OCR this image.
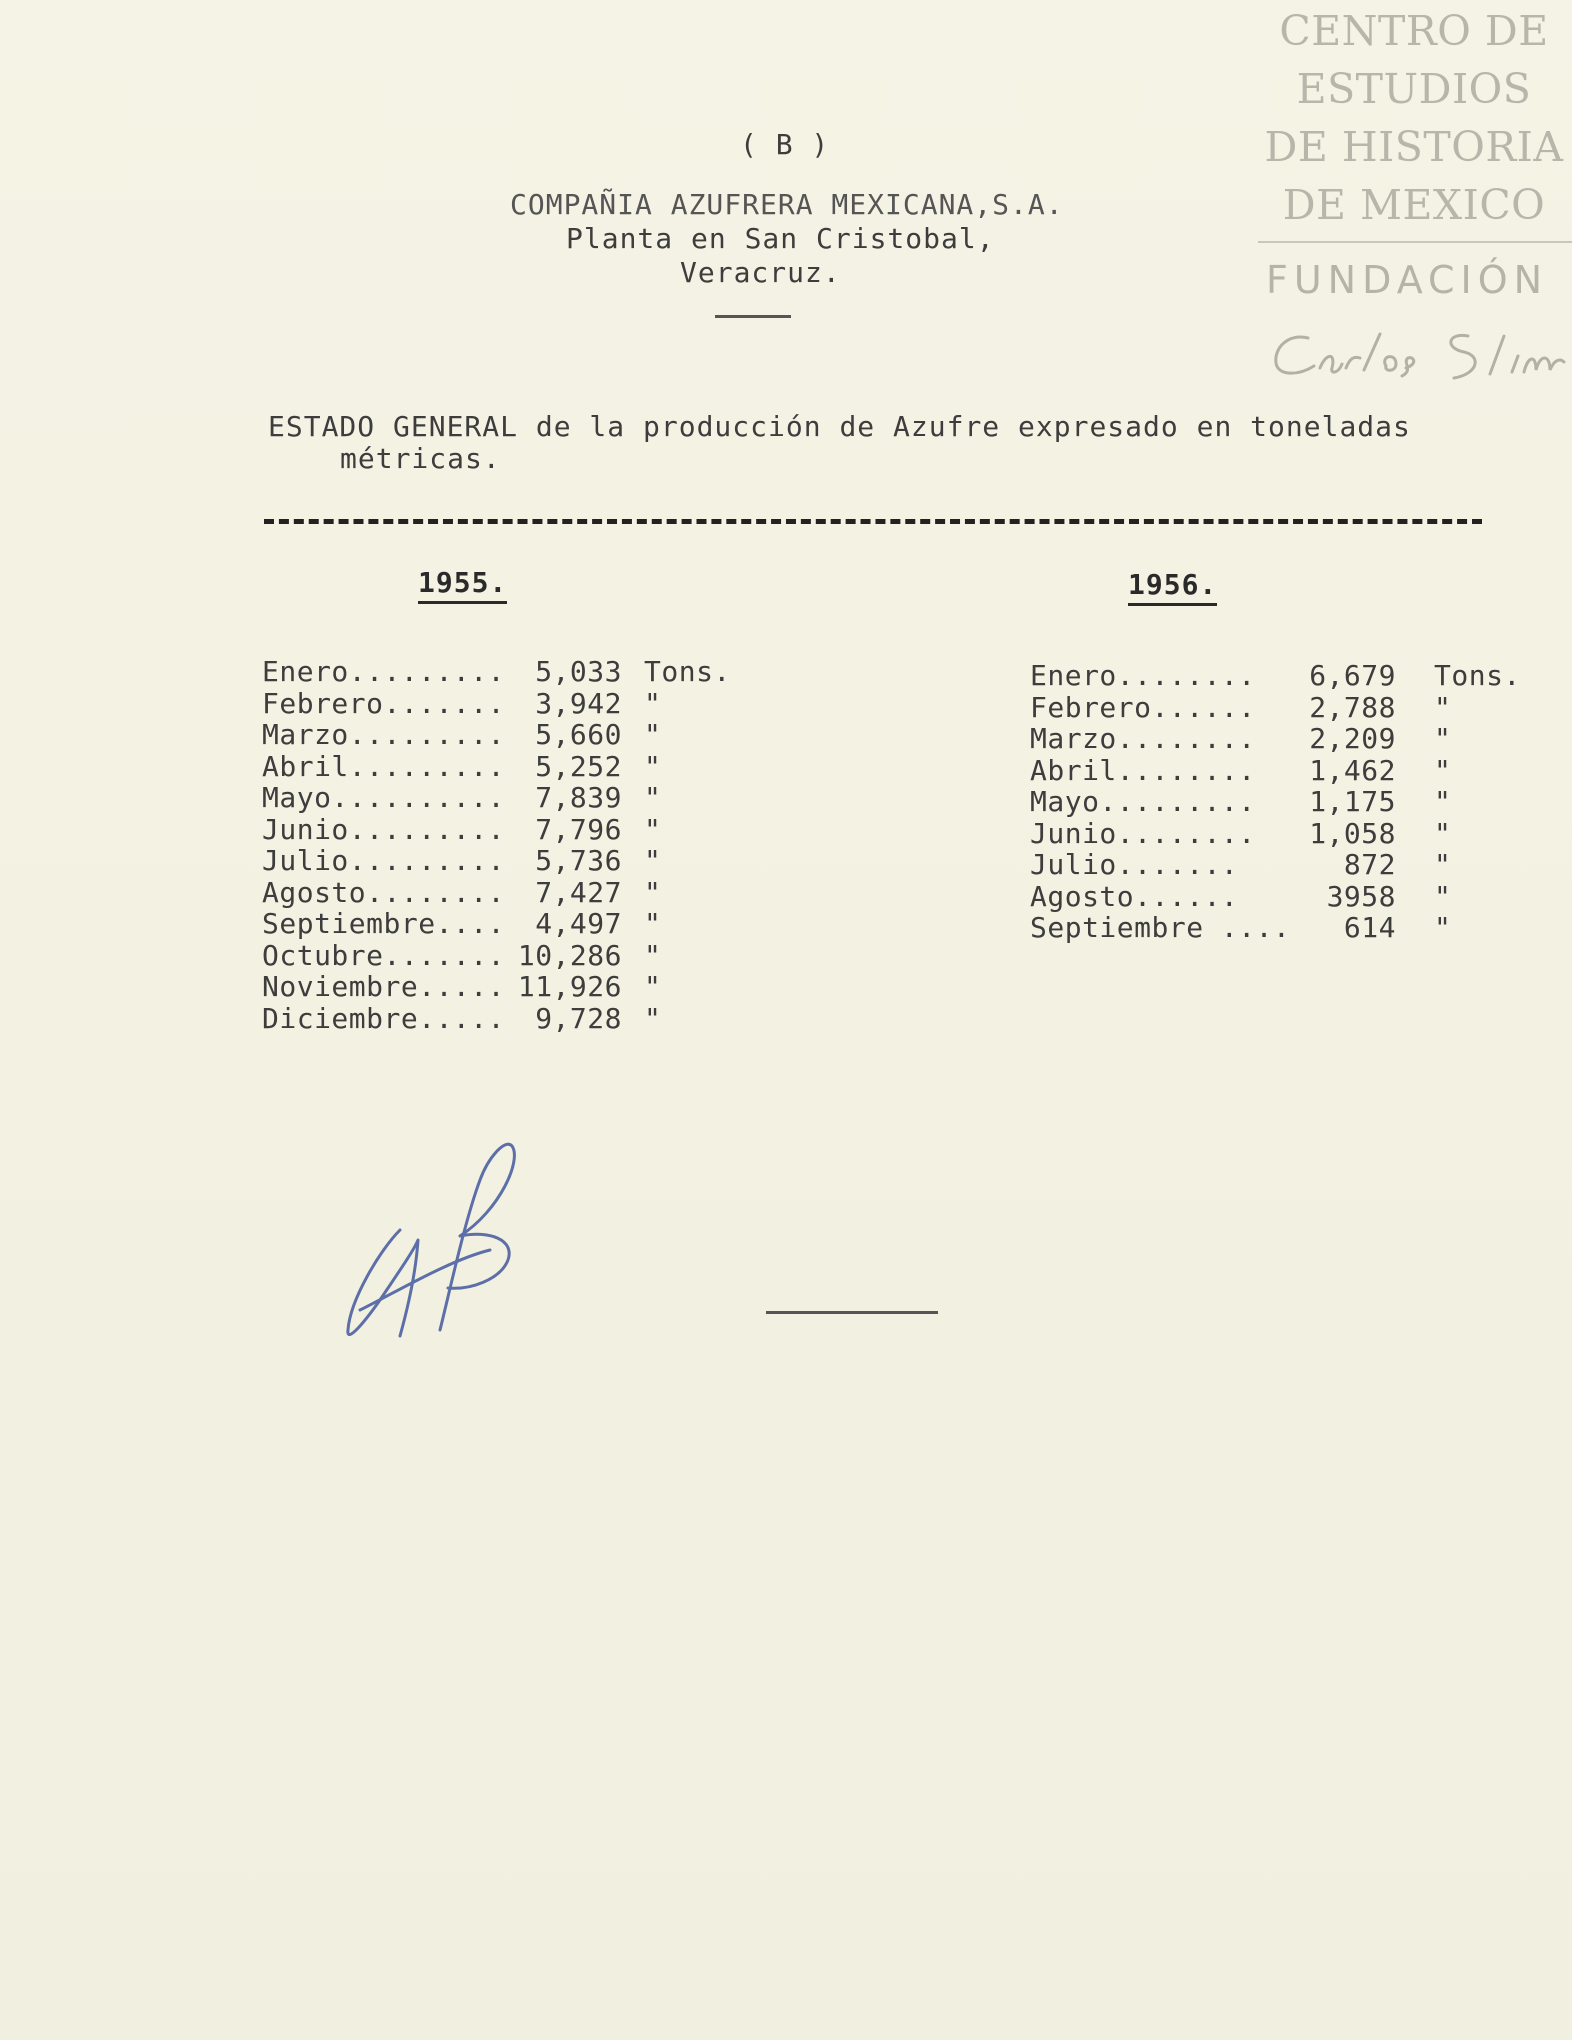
CENTRO DE
ESTUDIOS
DE HISTORIA
DE MEXICO
FUNDACIÓN
( B )
COMPAÑIA AZUFRERA MEXICANA,S.A.
Planta en San Cristobal,
Veracruz.
ESTADO GENERAL de la producción de Azufre expresado en toneladas
métricas.
1955.
Enero......... 5,033 Tons.
Febrero....... 3,942 "
Marzo......... 5,660 "
Abril......... 5,252 "
Mayo.......... 7,839 "
Junio......... 7,796 "
Julio......... 5,736 "
Agosto........ 7,427 "
Septiembre.... 4,497 "
Octubre....... 10,286 "
Noviembre..... 11,926 "
Diciembre..... 9,728 "
1956.
Enero........ 6,679 Tons.
Febrero...... 2,788 "
Marzo........ 2,209 "
Abril........ 1,462 "
Mayo......... 1,175 "
Junio........ 1,058 "
Julio.......	872 "
Agosto......	3958 "
Septiembre .... 614 "
